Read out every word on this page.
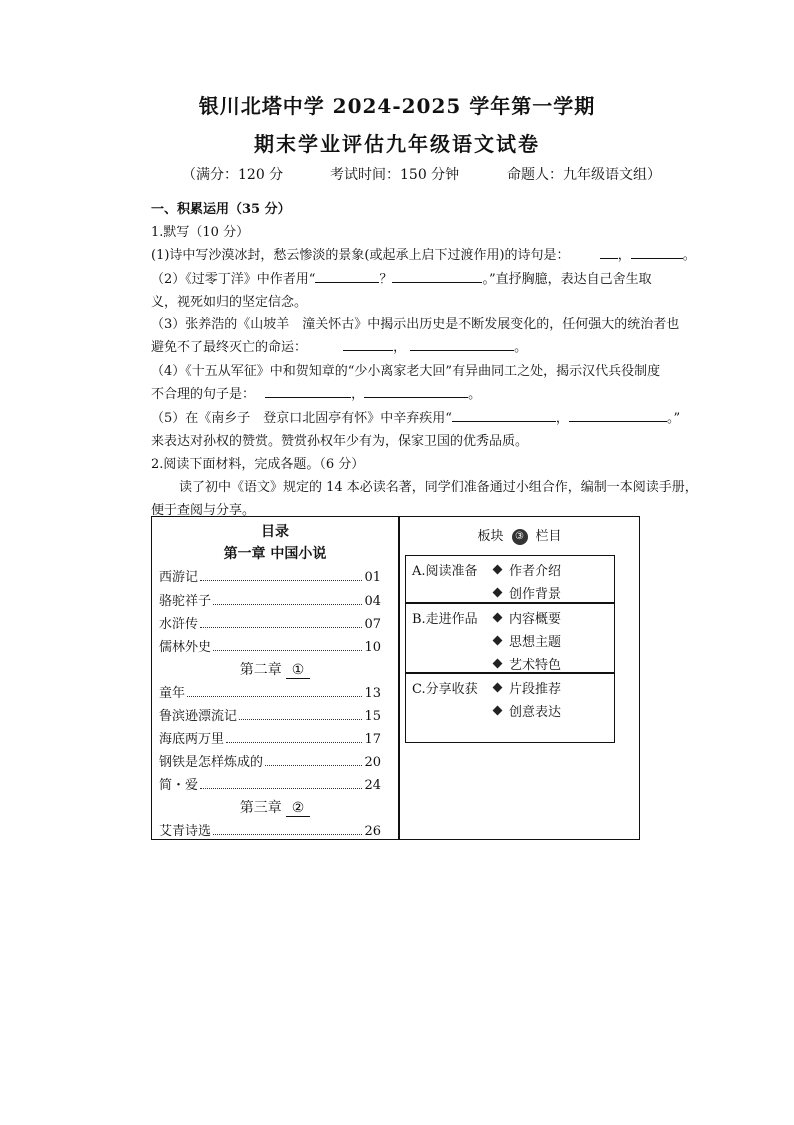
银川北塔中学 2024-2025 学年第一学期
期末学业评估九年级语文试卷
（满分：120 分	考试时间：150 分钟	命题人：九年级语文组）
一、积累运用（35 分）
1.默写（10 分）
(1)诗中写沙漠冰封，愁云惨淡的景象(或起承上启下过渡作用)的诗句是：	，	。
（2）《过零丁洋》中作者用“	？	。”直抒胸臆，表达自己舍生取
义，视死如归的坚定信念。
（3）张养浩的《山坡羊　潼关怀古》中揭示出历史是不断发展变化的，任何强大的统治者也
避免不了最终灭亡的命运：	，	。
（4）《十五从军征》中和贺知章的“少小离家老大回”有异曲同工之处，揭示汉代兵役制度
不合理的句子是：	，	。
（5）在《南乡子　登京口北固亭有怀》中辛弃疾用“	，	。”
来表达对孙权的赞赏。赞赏孙权年少有为，保家卫国的优秀品质。
2.阅读下面材料，完成各题。（6 分）
读了初中《语文》规定的 14 本必读名著，同学们准备通过小组合作，编制一本阅读手册，
便于查阅与分享。
目录
第一章 中国小说
西游记	01
骆驼祥子	04
水浒传	07
儒林外史	10
第二章 ①
童年	13
鲁滨逊漂流记	15
海底两万里	17
钢铁是怎样炼成的	20
简・爱	24
第三章 ②
艾青诗选	26
板块 ③ 栏目
A.阅读准备	作者介绍
创作背景
B.走进作品	内容概要
思想主题
艺术特色
C.分享收获	片段推荐
创意表达
